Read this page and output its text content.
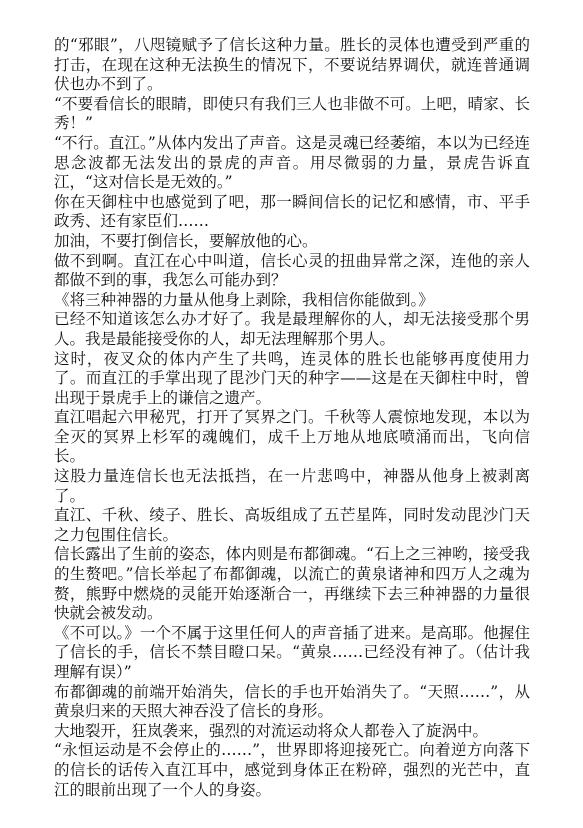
的“邪眼”，八咫镜赋予了信长这种力量。胜长的灵体也遭受到严重的打击，在现在这种无法换生的情况下，不要说结界调伏，就连普通调伏也办不到了。

“不要看信长的眼睛，即使只有我们三人也非做不可。上吧，晴家、长秀！”

“不行。直江。”从体内发出了声音。这是灵魂已经萎缩，本以为已经连思念波都无法发出的景虎的声音。用尽微弱的力量，景虎告诉直江，“这对信长是无效的。”

你在天御柱中也感觉到了吧，那一瞬间信长的记忆和感情，市、平手政秀、还有家臣们……

加油，不要打倒信长，要解放他的心。

做不到啊。直江在心中叫道，信长心灵的扭曲异常之深，连他的亲人都做不到的事，我怎么可能办到？

《将三种神器的力量从他身上剥除，我相信你能做到。》

已经不知道该怎么办才好了。我是最理解你的人，却无法接受那个男人。我是最能接受你的人，却无法理解那个男人。

这时，夜叉众的体内产生了共鸣，连灵体的胜长也能够再度使用力了。而直江的手掌出现了毘沙门天的种字——这是在天御柱中时，曾出现于景虎手上的谦信之遗产。

直江唱起六甲秘咒，打开了冥界之门。千秋等人震惊地发现，本以为全灭的冥界上杉军的魂魄们，成千上万地从地底喷涌而出，飞向信长。

这股力量连信长也无法抵挡，在一片悲鸣中，神器从他身上被剥离了。

直江、千秋、绫子、胜长、高坂组成了五芒星阵，同时发动毘沙门天之力包围住信长。

信长露出了生前的姿态，体内则是布都御魂。“石上之三神哟，接受我的生赘吧。”信长举起了布都御魂，以流亡的黄泉诸神和四万人之魂为赘，熊野中燃烧的灵能开始逐渐合一，再继续下去三种神器的力量很快就会被发动。

《不可以。》一个不属于这里任何人的声音插了进来。是高耶。他握住了信长的手，信长不禁目瞪口呆。“黄泉……已经没有神了。（估计我理解有误）”

布都御魂的前端开始消失，信长的手也开始消失了。“天照……”，从黄泉归来的天照大神吞没了信长的身形。

大地裂开，狂岚袭来，强烈的对流运动将众人都卷入了旋涡中。

“永恒运动是不会停止的……”，世界即将迎接死亡。向着逆方向落下的信长的话传入直江耳中，感觉到身体正在粉碎，强烈的光芒中，直江的眼前出现了一个人的身姿。
